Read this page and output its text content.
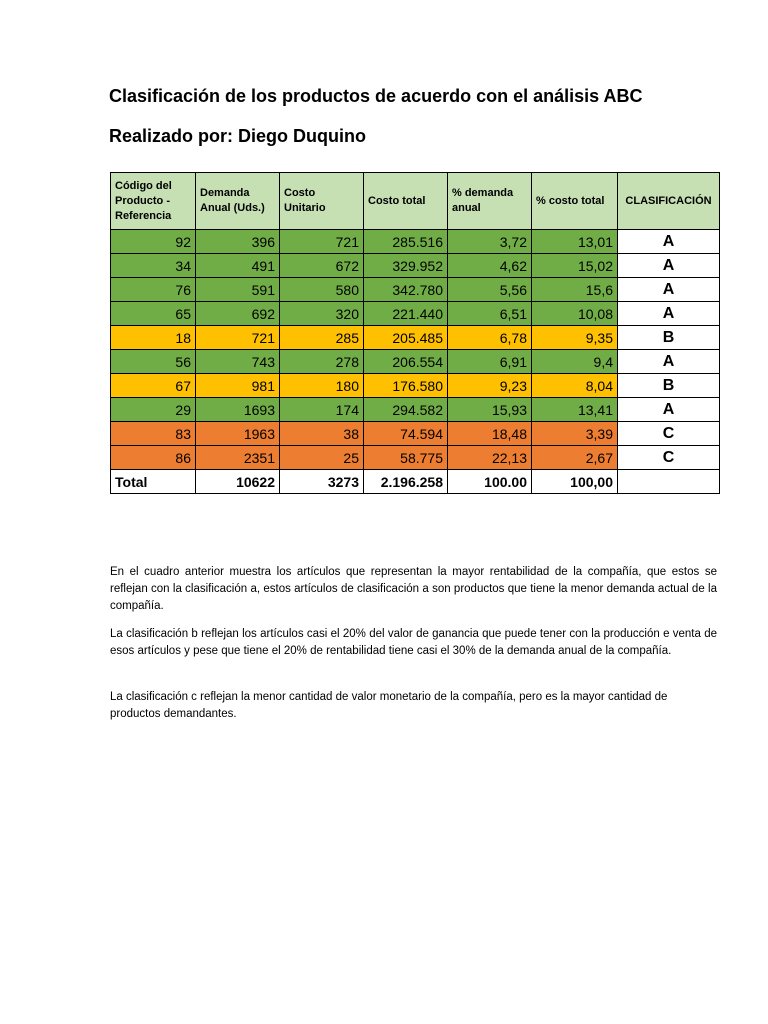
Clasificación de los productos de acuerdo con el análisis ABC
Realizado por: Diego Duquino
Código del Producto - Referencia	Demanda Anual (Uds.)	Costo Unitario	Costo total	% demanda anual	% costo total	CLASIFICACIÓN
92	396	721	285.516	3,72	13,01	A
34	491	672	329.952	4,62	15,02	A
76	591	580	342.780	5,56	15,6	A
65	692	320	221.440	6,51	10,08	A
18	721	285	205.485	6,78	9,35	B
56	743	278	206.554	6,91	9,4	A
67	981	180	176.580	9,23	8,04	B
29	1693	174	294.582	15,93	13,41	A
83	1963	38	74.594	18,48	3,39	C
86	2351	25	58.775	22,13	2,67	C
Total	10622	3273	2.196.258	100.00	100,00	

En el cuadro anterior muestra los artículos que representan la mayor rentabilidad de la compañía, que estos se reflejan con la clasificación a, estos artículos de clasificación a son productos que tiene la menor demanda actual de la compañía.

La clasificación b reflejan los artículos casi el 20% del valor de ganancia que puede tener con la producción e venta de esos artículos y pese que tiene el 20% de rentabilidad tiene casi el 30% de la demanda anual de la compañía.

La clasificación c reflejan la menor cantidad de valor monetario de la compañía, pero es la mayor cantidad de productos demandantes.
